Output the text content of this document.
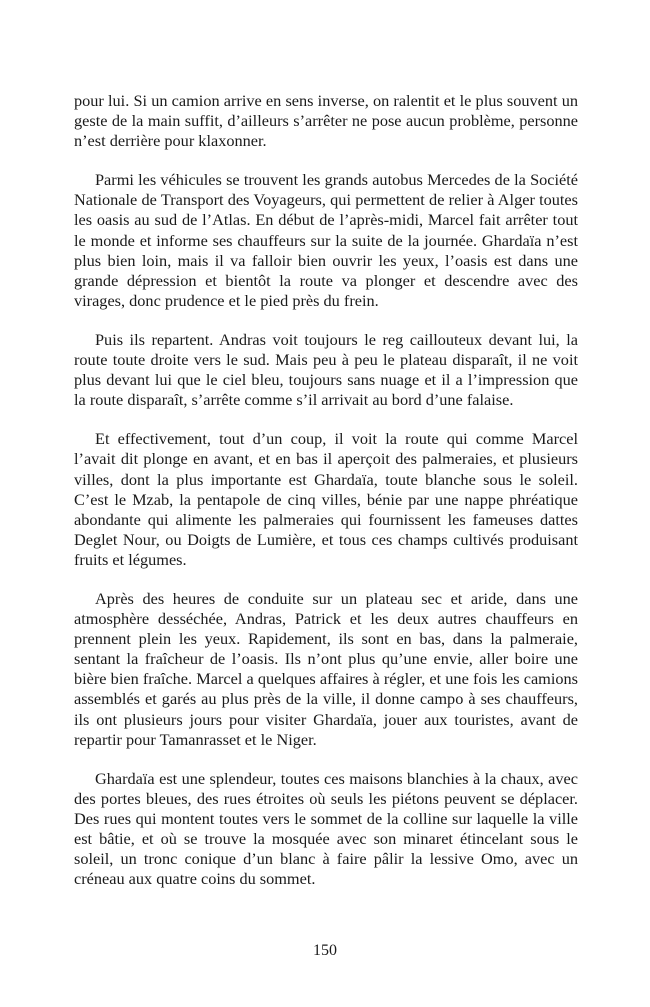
pour lui. Si un camion arrive en sens inverse, on ralentit et le plus souvent un geste de la main suffit, d’ailleurs s’arrêter ne pose aucun problème, personne n’est derrière pour klaxonner.

Parmi les véhicules se trouvent les grands autobus Mercedes de la Société Nationale de Transport des Voyageurs, qui permettent de relier à Alger toutes les oasis au sud de l’Atlas. En début de l’après-midi, Marcel fait arrêter tout le monde et informe ses chauffeurs sur la suite de la journée. Ghardaïa n’est plus bien loin, mais il va falloir bien ouvrir les yeux, l’oasis est dans une grande dépression et bientôt la route va plonger et descendre avec des virages, donc prudence et le pied près du frein.

Puis ils repartent. Andras voit toujours le reg caillouteux devant lui, la route toute droite vers le sud. Mais peu à peu le plateau disparaît, il ne voit plus devant lui que le ciel bleu, toujours sans nuage et il a l’impression que la route disparaît, s’arrête comme s’il arrivait au bord d’une falaise.

Et effectivement, tout d’un coup, il voit la route qui comme Marcel l’avait dit plonge en avant, et en bas il aperçoit des palmeraies, et plusieurs villes, dont la plus importante est Ghardaïa, toute blanche sous le soleil. C’est le Mzab, la pentapole de cinq villes, bénie par une nappe phréatique abondante qui alimente les palmeraies qui fournissent les fameuses dattes Deglet Nour, ou Doigts de Lumière, et tous ces champs cultivés produisant fruits et légumes.

Après des heures de conduite sur un plateau sec et aride, dans une atmosphère desséchée, Andras, Patrick et les deux autres chauffeurs en prennent plein les yeux. Rapidement, ils sont en bas, dans la palmeraie, sentant la fraîcheur de l’oasis. Ils n’ont plus qu’une envie, aller boire une bière bien fraîche. Marcel a quelques affaires à régler, et une fois les camions assemblés et garés au plus près de la ville, il donne campo à ses chauffeurs, ils ont plusieurs jours pour visiter Ghardaïa, jouer aux touristes, avant de repartir pour Tamanrasset et le Niger.

Ghardaïa est une splendeur, toutes ces maisons blanchies à la chaux, avec des portes bleues, des rues étroites où seuls les piétons peuvent se déplacer. Des rues qui montent toutes vers le sommet de la colline sur laquelle la ville est bâtie, et où se trouve la mosquée avec son minaret étincelant sous le soleil, un tronc conique d’un blanc à faire pâlir la lessive Omo, avec un créneau aux quatre coins du sommet.

150
